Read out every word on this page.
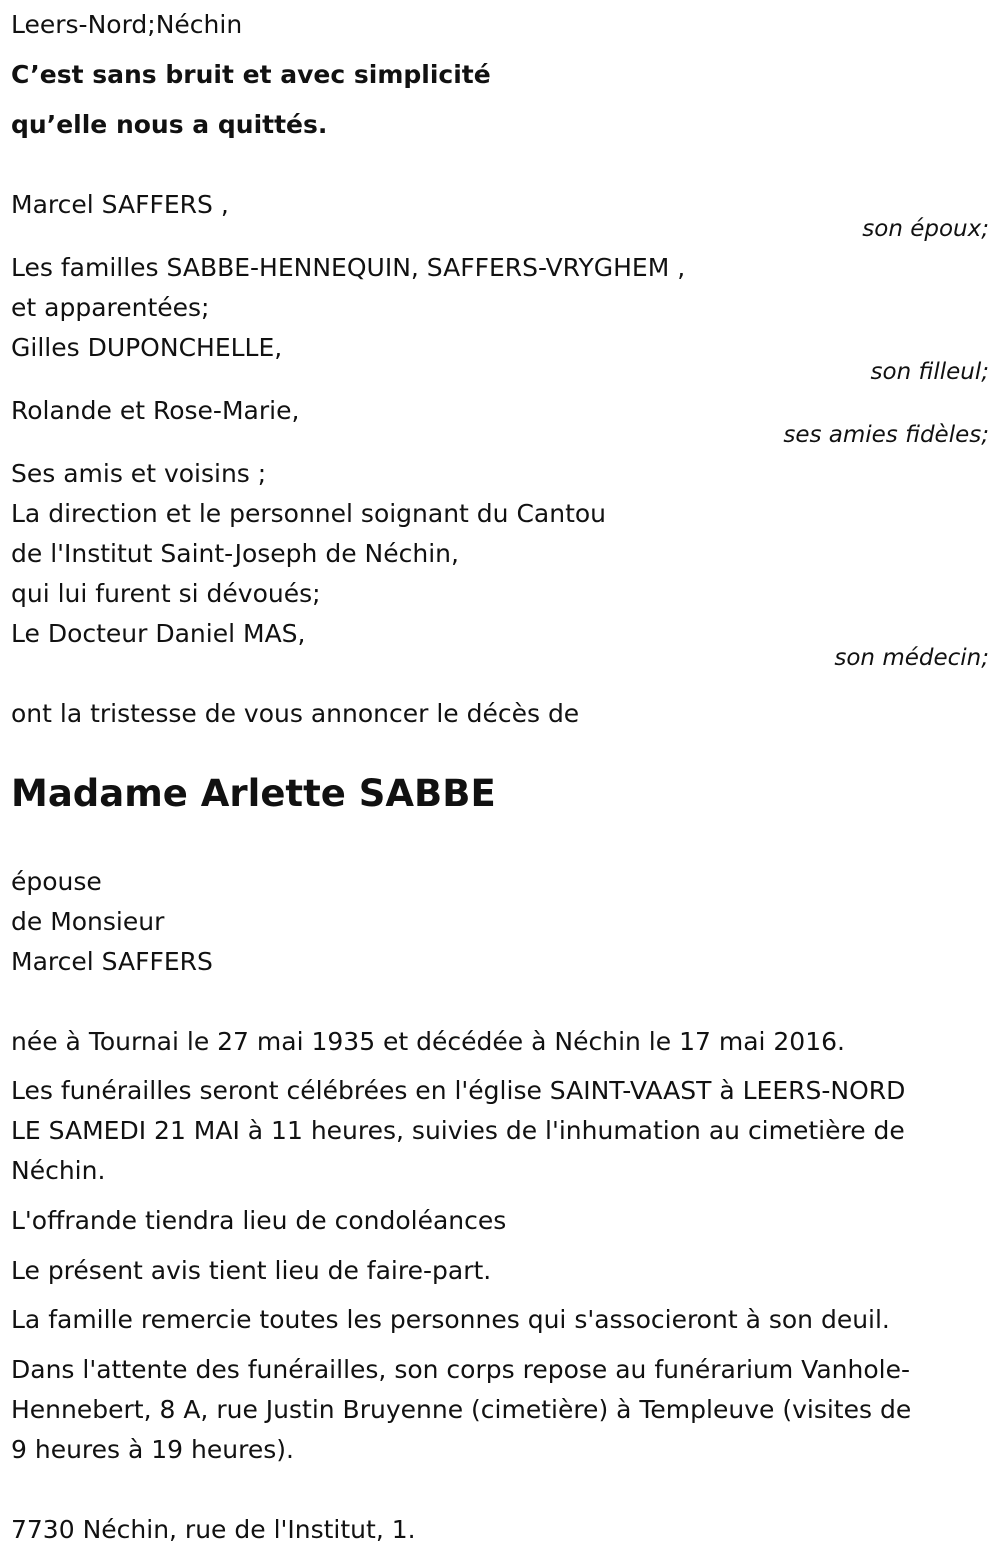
Leers-Nord;Néchin

C’est sans bruit et avec simplicité

qu’elle nous a quittés.

Marcel SAFFERS ,

son époux;

Les familles SABBE-HENNEQUIN, SAFFERS-VRYGHEM ,

et apparentées;

Gilles DUPONCHELLE,

son filleul;

Rolande et Rose-Marie,

ses amies fidèles;

Ses amis et voisins ;

La direction et le personnel soignant du Cantou

de l'Institut Saint-Joseph de Néchin,

qui lui furent si dévoués;

Le Docteur Daniel MAS,

son médecin;

ont la tristesse de vous annoncer le décès de

Madame Arlette SABBE

épouse

de Monsieur

Marcel SAFFERS

née à Tournai le 27 mai 1935 et décédée à Néchin le 17 mai 2016.

Les funérailles seront célébrées en l'église SAINT-VAAST à LEERS-NORD

LE SAMEDI 21 MAI à 11 heures, suivies de l'inhumation au cimetière de

Néchin.

L'offrande tiendra lieu de condoléances

Le présent avis tient lieu de faire-part.

La famille remercie toutes les personnes qui s'associeront à son deuil.

Dans l'attente des funérailles, son corps repose au funérarium Vanhole-

Hennebert, 8 A, rue Justin Bruyenne (cimetière) à Templeuve (visites de

9 heures à 19 heures).

7730 Néchin, rue de l'Institut, 1.
